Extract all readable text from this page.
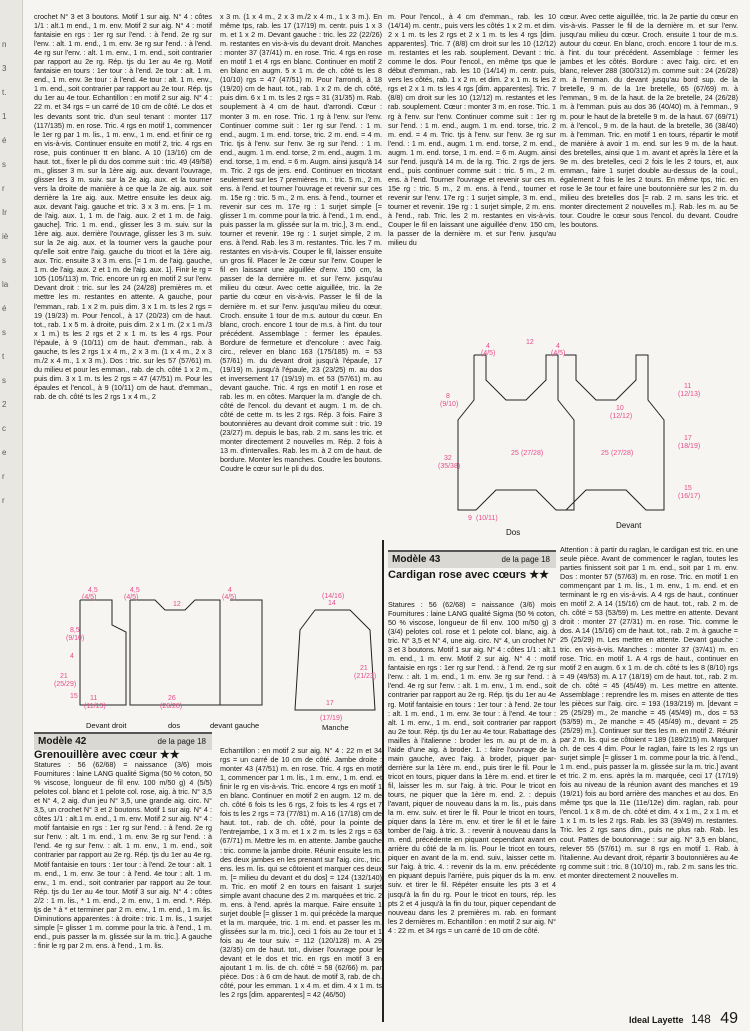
n
3
t.
1
é
s
r
Ir
iè
s
la
é
s
t
s
2
c
e
r
r

crochet N° 3 et 3 boutons. Motif 1 sur aig. N° 4 : côtes 1/1 : alt.1 m end., 1 m. env. Motif 2 sur aig. N° 4 : motif fantaisie en rgs : 1er rg sur l'end. : à l'end. 2e rg sur l'env. : alt. 1 m. end., 1 m. env. 3e rg sur l'end. : à l'end. 4e rg sur l'env. : alt. 1 m. env., 1 m. end., soit contrarier par rapport au 2e rg. Rép. tjs du 1er au 4e rg. Motif fantaisie en tours : 1er tour : à l'end. 2e tour : alt. 1 m. end., 1 m. env. 3e tour : à l'end. 4e tour : alt. 1 m. env., 1 m. end., soit contrarier par rapport au 2e tour. Rép. tjs du 1er au 4e tour. Echantillon : en motif 2 sur aig. N° 4 : 22 m. et 34 rgs = un carré de 10 cm de côté. Le dos et les devants sont tric. d'un seul tenant : monter 117 (117/135) m. en rose. Tric. 4 rgs en motif 1, commencer le 1er rg par 1 m. lis., 1 m. env., 1 m. end. et finir ce rg en vis-à-vis. Continuer ensuite en motif 2, tric. 4 rgs en rose, puis continuer tt en blanc. A 10 (13/16) cm de haut. tot., fixer le pli du dos comme suit : tric. 49 (49/58) m., glisser 3 m. sur la 1ère aig. aux. devant l'ouvrage, glisser les 3 m. suiv. sur la 2e aig. aux. et la tourner vers la droite de manière à ce que la 2e aig. aux. soit derrière la 1re aig. aux. Mettre ensuite les deux aig. aux. devant l'aig. gauche et tric. 3 x 3 m. ens. [= 1 m. de l'aig. aux. 1, 1 m. de l'aig. aux. 2 et 1 m. de l'aig. gauche]. Tric. 1 m. end., glisser les 3 m. suiv. sur la 1ère aig. aux. derrière l'ouvrage, glisser les 3 m. suiv. sur la 2e aig. aux. et la tourner vers la gauche pour qu'elle soit entre l'aig. gauche du tricot et la 1ère aig. aux. Tric. ensuite 3 x 3 m. ens. [= 1 m. de l'aig. gauche, 1 m. de l'aig. aux. 2 et 1 m. de l'aig. aux. 1]. Finir le rg = 105 (105/113) m. Tric. encore un rg en motif 2 sur l'env. Devant droit : tric. sur les 24 (24/28) premières m. et mettre les m. restantes en attente. A gauche, pour l'emman., rab. 1 x 2 m. puis dim. 3 x 1 m. ts les 2 rgs = 19 (19/23) m. Pour l'encol., à 17 (20/23) cm de haut. tot., rab. 1 x 5 m. à droite, puis dim. 2 x 1 m. (2 x 1 m./3 x 1 m.) ts les 2 rgs et 2 x 1 m. ts les 4 rgs. Pour l'épaule, à 9 (10/11) cm de haut. d'emman., rab. à gauche, ts les 2 rgs 1 x 4 m., 2 x 3 m. (1 x 4 m., 2 x 3 m./2 x 4 m., 1 x 3 m.). Dos : tric. sur les 57 (57/61) m. du milieu et pour les emman., rab. de ch. côté 1 x 2 m., puis dim. 3 x 1 m. ts les 2 rgs = 47 (47/51) m. Pour les épaules et l'encol., à 9 (10/11) cm de haut. d'emman., rab. de ch. côté ts les 2 rgs 1 x 4 m., 2

x 3 m. (1 x 4 m., 2 x 3 m./2 x 4 m., 1 x 3 m.). En même tps, rab. les 17 (17/19) m. centr. puis 1 x 3 m. et 1 x 2 m. Devant gauche : tric. les 22 (22/26) m. restantes en vis-à-vis du devant droit. Manches : monter 37 (37/41) m. en rose. Tric. 4 rgs en rose en motif 1 et 4 rgs en blanc. Continuer en motif 2 en blanc en augm. 5 x 1 m. de ch. côté ts les 8 (10/10) rgs = 47 (47/51) m. Pour l'arrondi, à 18 (19/20) cm de haut. tot., rab. 1 x 2 m. de ch. côté, puis dim. 6 x 1 m. ts les 2 rgs = 31 (31/35) m. Rab. souplement à 4 cm de haut. d'arrondi. Cœur : monter 3 m. en rose. Tric. 1 rg à l'env. sur l'env. Continuer comme suit : 1er rg sur l'end. : 1 m. end., augm. 1 m. end. torse, tric. 2 m. end. = 4 m. Tric. tjs à l'env. sur l'env. 3e rg sur l'end. : 1 m. end., augm. 1 m. end. torse, 2 m. end., augm. 1 m. end. torse, 1 m. end. = 6 m. Augm. ainsi jusqu'à 14 m. Tric. 2 rgs de jers. end. Continuer en tricotant seulement sur les 7 premières m. : tric. 5 m., 2 m. ens. à l'end. et tourner l'ouvrage et revenir sur ces m. 15e rg : tric. 5 m., 2 m. ens. à l'end., tourner et revenir sur ces m. 17e rg : 1 surjet simple [= glisser 1 m. comme pour la tric. à l'end., 1 m. end., puis passer la m. glissée sur la m. tric.], 3 m. end., tourner et revenir. 19e rg : 1 surjet simple, 2 m. ens. à l'end. Rab. les 3 m. restantes. Tric. les 7 m. restantes en vis-à-vis. Couper le fil, laisser ensuite un gros fil. Placer le 2e cœur sur l'env. Couper le fil en laissant une aiguillée d'env. 150 cm, la passer de la dernière m. et sur l'env. jusqu'au milieu du cœur. Avec cette aiguillée, tric. la 2e partie du cœur en vis-à-vis. Passer le fil de la dernière m. et sur l'env. jusqu'au milieu du cœur. Croch. ensuite 1 tour de m.s. autour du cœur. En blanc, croch. encore 1 tour de m.s. à l'int. du tour précédent. Assemblage : fermer les épaules. Bordure de fermeture et d'encolure : avec l'aig. circ., relever en blanc 163 (175/185) m. = 53 (57/61) m. du devant droit jusqu'à l'épaule, 17 (19/19) m. jusqu'à l'épaule, 23 (23/25) m. au dos et inversement 17 (19/19) m. et 53 (57/61) m. au devant gauche. Tric. 4 rgs en motif 1 en rose et rab. les m. en côtes. Marquer la m. d'angle de ch. côté de l'encol. du devant et augm. 1 m. de ch. côté de cette m. ts les 2 rgs. Rép. 3 fois. Faire 3 boutonnières au devant droit comme suit : tric. 19 (23/27) m. depuis le bas, rab. 2 m. sans les tric. et monter directement 2 nouvelles m. Rép. 2 fois à 13 m. d'intervalles. Rab. les m. à 2 cm de haut. de bordure. Monter les manches. Coudre les boutons. Coudre le cœur sur le pli du dos.

m. Pour l'encol., à 4 cm d'emman., rab. les 10 (14/14) m. centr., puis vers les côtés 1 x 2 m. et dim. 2 x 1 m. ts les 2 rgs et 2 x 1 m. ts les 4 rgs [dim. apparentes]. Tric. 7 (8/8) cm droit sur les 10 (12/12) m. restantes et les rab. souplement. Devant : tric. comme le dos. Pour l'encol., en même tps que le début d'emman., rab. les 10 (14/14) m. centr. puis, vers les côtés, rab. 1 x 2 m. et dim. 2 x 1 m. ts les 2 rgs et 2 x 1 m. ts les 4 rgs [dim. apparentes]. Tric. 7 (8/8) cm droit sur les 10 (12/12) m. restantes et les rab. souplement. Cœur : monter 3 m. en rose. Tric. 1 rg à l'env. sur l'env. Continuer comme suit : 1er rg sur l'end. : 1 m. end., augm. 1 m. end. torse, tric. 2 m. end. = 4 m. Tric. tjs à l'env. sur l'env. 3e rg sur l'end. : 1 m. end., augm. 1 m. end. torse, 2 m. end., augm. 1 m. end. torse, 1 m. end. = 6 m. Augm. ainsi sur l'end. jusqu'à 14 m. de la rg. Tric. 2 rgs de jers. end., puis continuer comme suit : tric. 5 m., 2 m. ens. à l'end. Tourner l'ouvrage et revenir sur ces m. 15e rg : tric. 5 m., 2 m. ens. à l'end., tourner et revenir sur l'env. 17e rg : 1 surjet simple, 3 m. end., tourner et revenir. 19e rg : 1 surjet simple, 2 m. ens. à l'end., rab. Tric. les 2 m. restantes en vis-à-vis. Couper le fil en laissant une aiguillée d'env. 150 cm, la passer de la dernière m. et sur l'env. jusqu'au milieu du

cœur. Avec cette aiguillée, tric. la 2e partie du cœur en vis-à-vis. Passer le fil de la dernière m. et sur l'env. jusqu'au milieu du cœur. Croch. ensuite 1 tour de m.s. autour du cœur. En blanc, croch. encore 1 tour de m.s. à l'int. du tour précédent. Assemblage : fermer les jambes et les côtés. Bordure : avec l'aig. circ. et en blanc, relever 288 (300/312) m. comme suit : 24 (26/28) m. à l'emman. du devant jusqu'au bord sup. de la bretelle, 9 m. de la 1re bretelle, 65 (67/69) m. à l'emman., 9 m. de la haut. de la 2e bretelle, 24 (26/28) m. à l'emman. puis au dos 36 (40/40) m. à l'emman., 9 m. pour le haut de la bretelle 9 m. de la haut. 67 (69/71) m. à l'encol., 9 m. de la haut. de la bretelle, 36 (38/40) m. à l'emman. Tric. en motif 1 en tours, répartir le motif de manière à avoir 1 m. end. sur les 9 m. de la haut. des bretelles, ainsi que 1 m. avant et après la 1ère et la 9e m. des bretelles, ceci 2 fois le les 2 tours, et, aux emman., faire 1 surjet double au-dessus de la coul., également 2 fois le les 2 tours. En même tps, tric. en rose le 3e tour et faire une boutonnière sur les 2 m. du milieu des bretelles dos [= rab. 2 m. sans les tric. et monter directement 2 nouvelles m.]. Rab. les m. au 5e tour. Coudre le cœur sous l'encol. du devant. Coudre les boutons.

4,5
(4/5)
4,5
(4/5)
12
4
(4/5)
8,5
(9/10)
4
21
(25/29)
15 11
(11/13)
26
(26/28)
14
(14/16)
21
(21/23)
17
(17/19)
Devant droit	dos	devant gauche	Manche
4
(4/5)
12
4
(4/5)
8
(9/10)
32
(35/38)
11
(12/13)
17
(18/19)
15
(16/17)
10
(12/12)
25 (27/28)	25 (27/28)
9 (10/11)
Dos
Devant
Modèle 42	de la page 18
Grenouillère avec cœur ★★

Statures : 56 (62/68) = naissance (3/6) mois Fournitures : laine LANG qualité Sigma (50 % coton, 50 % viscose, longueur de fil env. 100 m/50 g) 4 (5/5) pelotes col. blanc et 1 pelote col. rose, aig. à tric. N° 3,5 et N° 4, 2 aig. d'un jeu N° 3,5, une grande aig. circ. N° 3,5, un crochet N° 3 et 2 boutons. Motif 1 sur aig. N° 4 : côtes 1/1 : alt.1 m. end., 1 m. env. Motif 2 sur aig. N° 4 : motif fantaisie en rgs : 1er rg sur l'end. : à l'end. 2e rg sur l'env. : alt. 1 m. end., 1 m. env. 3e rg sur l'end. : à l'end. 4e rg sur l'env. : alt. 1 m. env., 1 m. end., soit contrarier par rapport au 2e rg. Rép. tjs du 1er au 4e rg. Motif fantaisie en tours : 1er tour : à l'end. 2e tour : alt. 1 m. end., 1 m. env. 3e tour : à l'end. 4e tour : alt. 1 m. env., 1 m. end., soit contrarier par rapport au 2e tour. Rép. tjs du 1er au 4e tour. Motif 3 sur aig. N° 4 : côtes 2/2 : 1 m. lis., * 1 m. end., 2 m. env., 1 m. end. *. Rép. tjs de * à * et terminer par 2 m. env., 1 m. end., 1 m. lis. Diminutions apparentes : à droite : tric. 1 m. lis., 1 surjet simple [= glisser 1 m. comme pour la tric. à l'end., 1 m. end., puis passer la m. glissée sur la m. tric.]. A gauche : finir le rg par 2 m. ens. à l'end., 1 m. lis.

Echantillon : en motif 2 sur aig. N° 4 : 22 m et 34 rgs = un carré de 10 cm de côté. Jambe droite : monter 43 (47/51) m. en rose. Tric. 4 rgs en motif 1, commencer par 1 m. lis., 1 m. env., 1 m. end. et finir le rg en vis-à-vis. Tric. encore 4 rgs en motif 1 en blanc. Continuer en motif 2 en augm. 12 m. de ch. côté 6 fois ts les 6 rgs, 2 fois ts les 4 rgs et 7 fois ts les 2 rgs = 73 (77/81) m. A 16 (17/18) cm de haut. tot., rab. de ch. côté, pour la pointe de l'entrejambe, 1 x 3 m. et 1 x 2 m. ts les 2 rgs = 63 (67/71) m. Mettre les m. en attente. Jambe gauche : tric. comme la jambe droite. Réunir ensuite les m. des deux jambes en les prenant sur l'aig. circ., tric. ens. les m. lis. qui se côtoient et marquer ces deux m. [= milieu du devant et du dos] = 124 (132/140) m. Tric. en motif 2 en tours en faisant 1 surjet simple avant chacune des 2 m. marquées et tric. 2 m. ens. à l'end. après la marque. Faire ensuite 1 surjet double [= glisser 1 m. qui précède la marque et la m. marquée, tric. 1 m. end. et passer les m. glissées sur la m. tric.], ceci 1 fois au 2e tour et 1 fois au 4e tour suiv. = 112 (120/128) m. A 29 (32/35) cm de haut. tot., diviser l'ouvrage pour le devant et le dos et tric. en rgs en motif 3 en ajoutant 1 m. lis. de ch. côté = 58 (62/66) m. par pièce. Dos : à 6 cm de haut. de motif 3, rab. de ch. côté, pour les emman. 1 x 4 m. et dim. 4 x 1 m. ts les 2 rgs [dim. apparentes] = 42 (46/50)

Modèle 43	de la page 18
Cardigan rose avec cœurs ★★

Statures : 56 (62/68) = naissance (3/6) mois Fournitures : laine LANG qualité Sigma (50 % coton, 50 % viscose, longueur de fil env. 100 m/50 g) 3 (3/4) pelotes col. rose et 1 pelote col. blanc, aig. à tric. N° 3,5 et N° 4, une aig. circ. N° 4, un crochet N° 3 et 3 boutons. Motif 1 sur aig. N° 4 : côtes 1/1 : alt.1 m. end., 1 m. env. Motif 2 sur aig. N° 4 : motif fantaisie en rgs : 1er rg sur l'end. : à l'end. 2e rg sur l'env. : alt. 1 m. end., 1 m. env. 3e rg sur l'end. : à l'end. 4e rg sur l'env. : alt. 1 m. env., 1 m. end., soit contrarier par rapport au 2e rg. Rép. tjs du 1er au 4e rg. Motif fantaisie en tours : 1er tour : à l'end. 2e tour : alt. 1 m. end., 1 m. env. 3e tour : à l'end. 4e tour : alt. 1 m. env., 1 m. end., soit contrarier par rapport au 2e tour. Rép. tjs du 1er au 4e tour. Rabattage des mailles à l'italienne : broder les m. au pt de m. à l'aide d'une aig. à broder. 1. : faire l'ouvrage de la main gauche, avec l'aig. à broder, piquer par-derrière sur la 1ère m. end., puis tirer le fil. Pour le tricot en tours, piquer dans la 1ère m. end. et tirer le fil, laisser les m. sur l'aig. à tric. Pour le tricot en tours, ne piquer que la 1ère m. end. 2. : depuis l'avant, piquer de nouveau dans la m. lis., puis dans la m. env. suiv. et tirer le fil. Pour le tricot en tours, piquer dans la 1ère m. env. et tirer le fil et le faire tomber de l'aig. à tric. 3. : revenir à nouveau dans la m. end. précédente en piquant cependant avant en arrière du côté de la m. lis. Pour le tricot en tours, piquer en avant de la m. end. suiv., laisser cette m. sur l'aig. à tric. 4. : revenir ds la m. env. précédente en piquant depuis l'arrière, puis piquer ds la m. env. suiv. et tirer le fil. Répéter ensuite les pts 3 et 4 jusqu'à la fin du rg. Pour le tricot en tours, rép. les pts 2 et 4 jusqu'à la fin du tour, piquer cependant de nouveau dans les 2 premières m. rab. en formant les 2 dernières m. Echantillon : en motif 2 sur aig. N° 4 : 22 m. et 34 rgs = un carré de 10 cm de côté.

Attention : à partir du raglan, le cardigan est tric. en une seule pièce. Avant de commencer le raglan, toutes les parties finissent soit par 1 m. end., soit par 1 m. env. Dos : monter 57 (57/63) m. en rose. Tric. en motif 1 en commençant par 1 m. lis., 1 m. env., 1 m. end. et en terminant le rg en vis-à-vis. A 4 rgs de haut., continuer en motif 2. A 14 (15/16) cm de haut. tot., rab. 2 m. de ch. côté = 53 (53/59) m. Les mettre en attente. Devant droit : monter 27 (27/31) m. en rose. Tric. comme le dos. A 14 (15/16) cm de haut. tot., rab. 2 m. à gauche = 25 (25/29) m. Les mettre en attente. Devant gauche : tric. en vis-à-vis. Manches : monter 37 (37/41) m. en rose. Tric. en motif 1. A 4 rgs de haut., continuer en motif 2 en augm. 6 x 1 m. de ch. côté ts les 8 (8/10) rgs = 49 (49/53) m. A 17 (18/19) cm de haut. tot., rab. 2 m. de ch. côté = 45 (45/49) m. Les mettre en attente. Assemblage : reprendre les m. mises en attente de ttes les pièces sur l'aig. circ. = 193 (193/219) m. [devant = 25 (25/29) m., 2e manche = 45 (45/49) m., dos = 53 (53/59) m., 2e manche = 45 (45/49) m., devant = 25 (25/29) m.]. Continuer sur ttes les m. en motif 2. Réunir par 2 m. lis. qui se côtoient = 189 (189/215) m. Marquer ch. de ces 4 dim. Pour le raglan, faire ts les 2 rgs un surjet simple [= glisser 1 m. comme pour la tric. à l'end., 1 m. end., puis passer la m. glissée sur la m. tric.] avant et tric. 2 m. ens. après la m. marquée, ceci 17 (17/19) fois au niveau de la réunion avant des manches et 19 (19/21) fois au bord arrière des manches et au dos. En même tps que la 11e (11e/12e) dim. raglan, rab. pour l'encol. 1 x 8 m. de ch. côté et dim. 4 x 1 m., 2 x 1 m. et 1 x 1 m. ts les 2 rgs. Rab. les 33 (39/49) m. restantes. Tric. les 2 rgs sans dim., puis ne plus rab. Rab. les cout. Pattes de boutonnage : sur aig. N° 3,5 en blanc, relever 55 (57/61) m. sur 8 rgs en motif 1. Rab. à l'italienne. Au devant droit, répartir 3 boutonnières au 4e rg comme suit : tric. 8 (10/10) m., rab. 2 m. sans les tric. et monter directement 2 nouvelles m.

Ideal Layette 148 49
